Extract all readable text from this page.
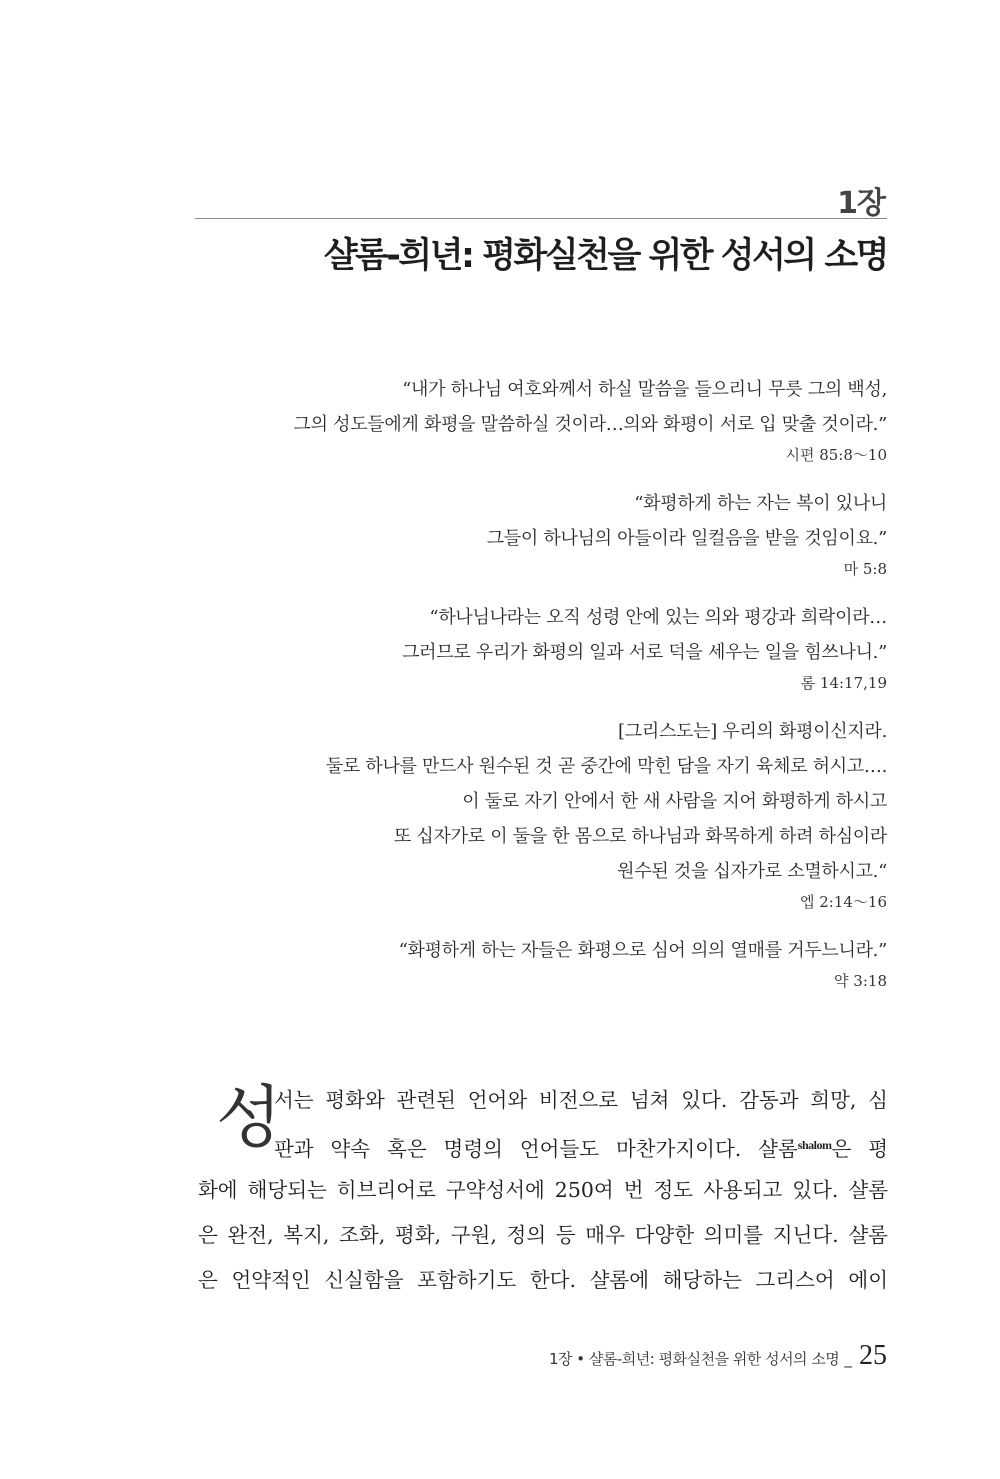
1장
샬롬-희년: 평화실천을 위한 성서의 소명
“내가 하나님 여호와께서 하실 말씀을 들으리니 무릇 그의 백성,
그의 성도들에게 화평을 말씀하실 것이라…의와 화평이 서로 입 맞출 것이라.”
시편 85:8～10
“화평하게 하는 자는 복이 있나니
그들이 하나님의 아들이라 일컬음을 받을 것임이요.”
마 5:8
“하나님나라는 오직 성령 안에 있는 의와 평강과 희락이라…
그러므로 우리가 화평의 일과 서로 덕을 세우는 일을 힘쓰나니.”
롬 14:17,19
[그리스도는] 우리의 화평이신지라.
둘로 하나를 만드사 원수된 것 곧 중간에 막힌 담을 자기 육체로 허시고….
이 둘로 자기 안에서 한 새 사람을 지어 화평하게 하시고
또 십자가로 이 둘을 한 몸으로 하나님과 화목하게 하려 하심이라
원수된 것을 십자가로 소멸하시고.“
엡 2:14～16
“화평하게 하는 자들은 화평으로 심어 의의 열매를 거두느니라.”
약 3:18
성
서는 평화와 관련된 언어와 비전으로 넘쳐 있다. 감동과 희망, 심
판과 약속 혹은 명령의 언어들도 마찬가지이다. 샬롬$^{shalom}$은 평
화에 해당되는 히브리어로 구약성서에 250여 번 정도 사용되고 있다. 샬롬
은 완전, 복지, 조화, 평화, 구원, 정의 등 매우 다양한 의미를 지닌다. 샬롬
은 언약적인 신실함을 포함하기도 한다. 샬롬에 해당하는 그리스어 에이
1장 • 샬롬-희년: 평화실천을 위한 성서의 소명 _ 25
